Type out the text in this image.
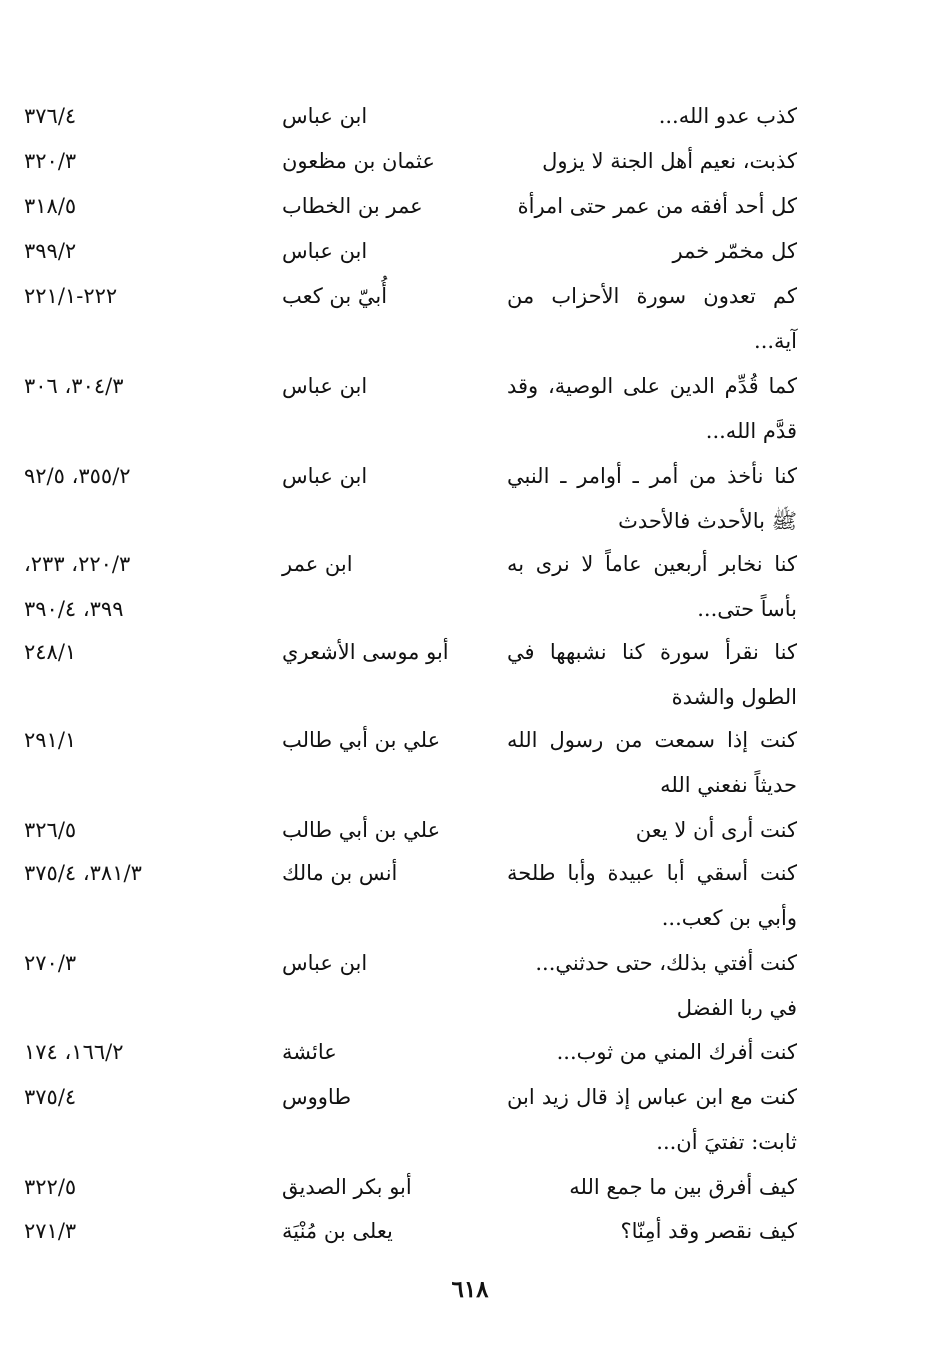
كذب عدو الله...
ابن عباس
٣٧٦/٤
كذبت، نعيم أهل الجنة لا يزول
عثمان بن مظعون
٣٢٠/٣
كل أحد أفقه من عمر حتى امرأة
عمر بن الخطاب
٣١٨/٥
كل مخمّر خمر
ابن عباس
٣٩٩/٢
كم تعدون سورة الأحزاب من
أُبيّ بن كعب
٢٢٢-٢٢١/١
آية...
كما قُدِّم الدين على الوصية، وقد
ابن عباس
٣٠٤/٣، ٣٠٦
قدَّم الله...
كنا نأخذ من أمر ـ أوامر ـ النبي
ابن عباس
٣٥٥/٢، ٩٢/٥
ﷺ بالأحدث فالأحدث
كنا نخابر أربعين عاماً لا نرى به
ابن عمر
٢٢٠/٣، ٢٣٣،
بأساً حتى...
٣٩٩، ٣٩٠/٤
كنا نقرأ سورة كنا نشبهها في
أبو موسى الأشعري
٢٤٨/١
الطول والشدة
كنت إذا سمعت من رسول الله
علي بن أبي طالب
٢٩١/١
حديثاً نفعني الله
كنت أرى أن لا يعن
علي بن أبي طالب
٣٢٦/٥
كنت أسقي أبا عبيدة وأبا طلحة
أنس بن مالك
٣٨١/٣، ٣٧٥/٤
وأبي بن كعب...
كنت أفتي بذلك، حتى حدثني...
ابن عباس
٢٧٠/٣
في ربا الفضل
كنت أفرك المني من ثوب...
عائشة
١٦٦/٢، ١٧٤
كنت مع ابن عباس إذ قال زيد ابن
طاووس
٣٧٥/٤
ثابت: تفتيَ أن...
كيف أفرق بين ما جمع الله
أبو بكر الصديق
٣٢٢/٥
كيف نقصر وقد أمِنّا؟
يعلى بن مُنْيَة
٢٧١/٣
٦١٨
